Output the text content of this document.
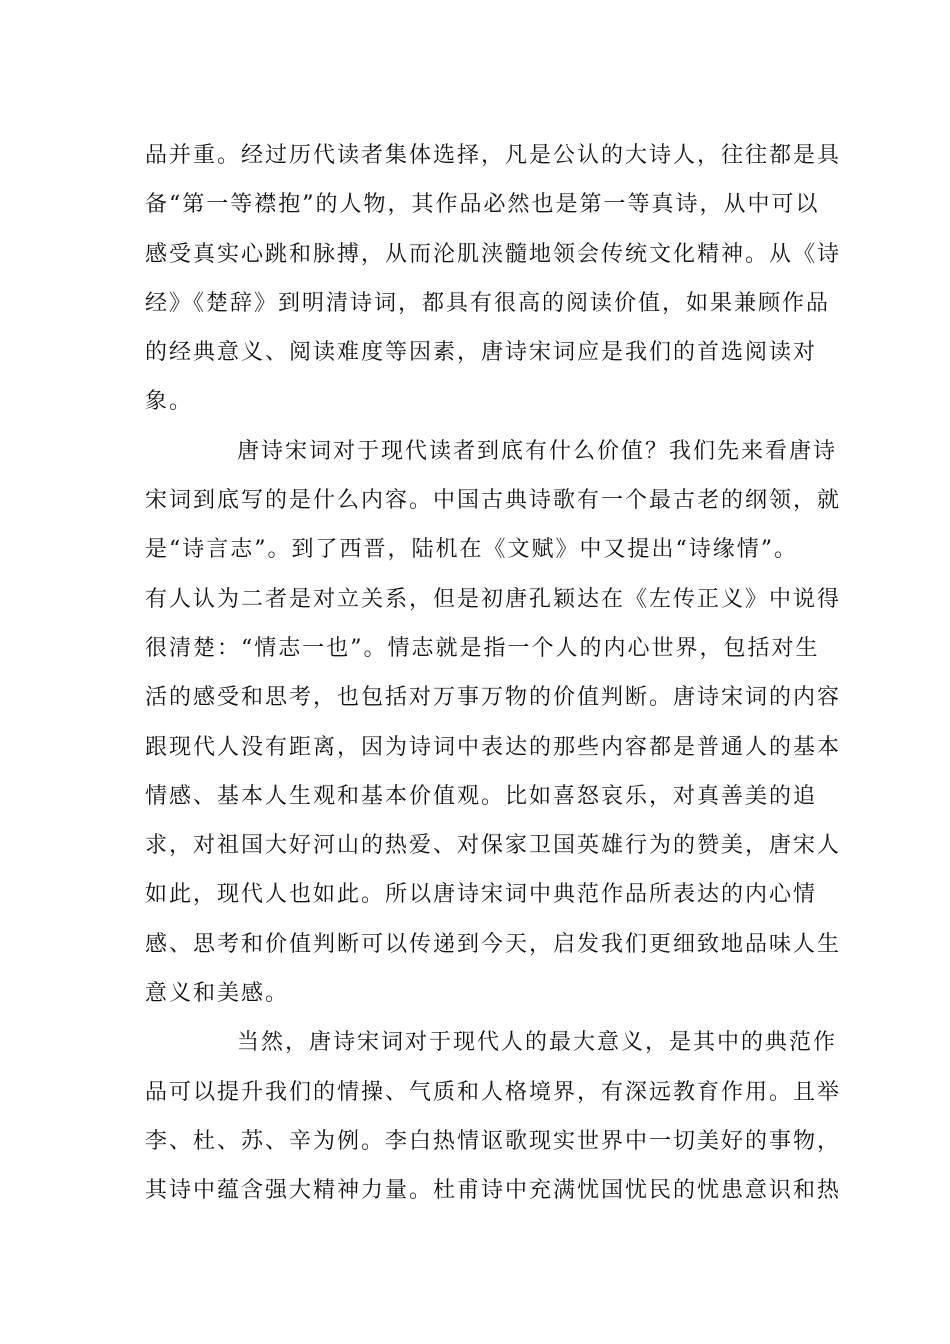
品并重。经过历代读者集体选择，凡是公认的大诗人，往往都是具
备“第一等襟抱”的人物，其作品必然也是第一等真诗，从中可以
感受真实心跳和脉搏，从而沦肌浃髓地领会传统文化精神。从《诗
经》《楚辞》到明清诗词，都具有很高的阅读价值，如果兼顾作品
的经典意义、阅读难度等因素，唐诗宋词应是我们的首选阅读对
象。
唐诗宋词对于现代读者到底有什么价值？我们先来看唐诗
宋词到底写的是什么内容。中国古典诗歌有一个最古老的纲领，就
是“诗言志”。到了西晋，陆机在《文赋》中又提出“诗缘情”。
有人认为二者是对立关系，但是初唐孔颖达在《左传正义》中说得
很清楚：“情志一也”。情志就是指一个人的内心世界，包括对生
活的感受和思考，也包括对万事万物的价值判断。唐诗宋词的内容
跟现代人没有距离，因为诗词中表达的那些内容都是普通人的基本
情感、基本人生观和基本价值观。比如喜怒哀乐，对真善美的追
求，对祖国大好河山的热爱、对保家卫国英雄行为的赞美，唐宋人
如此，现代人也如此。所以唐诗宋词中典范作品所表达的内心情
感、思考和价值判断可以传递到今天，启发我们更细致地品味人生
意义和美感。
当然，唐诗宋词对于现代人的最大意义，是其中的典范作
品可以提升我们的情操、气质和人格境界，有深远教育作用。且举
李、杜、苏、辛为例。李白热情讴歌现实世界中一切美好的事物，
其诗中蕴含强大精神力量。杜甫诗中充满忧国忧民的忧患意识和热
